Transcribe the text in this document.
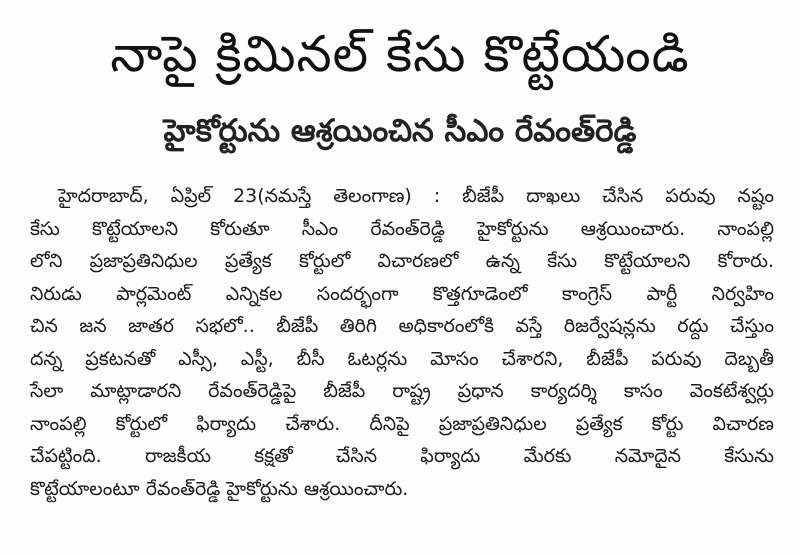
నాపై క్రిమినల్‌ కేసు కొట్టేయండి
హైకోర్టును ఆశ్రయించిన సీఎం రేవంత్‌రెడ్డి
హైదరాబాద్‌, ఏప్రిల్‌ 23(నమస్తే తెలంగాణ) : బీజేపీ దాఖలు చేసిన పరువు నష్టం
కేసు కొట్టేయాలని కోరుతూ సీఎం రేవంత్‌రెడ్డి హైకోర్టును ఆశ్రయించారు. నాంపల్లి
లోని ప్రజాప్రతినిధుల ప్రత్యేక కోర్టులో విచారణలో ఉన్న కేసు కొట్టేయాలని కోరారు.
నిరుడు పార్లమెంట్‌ ఎన్నికల సందర్భంగా కొత్తగూడెంలో కాంగ్రెస్‌ పార్టీ నిర్వహిం
చిన జన జాతర సభలో.. బీజేపీ తిరిగి అధికారంలోకి వస్తే రిజర్వేషన్లను రద్దు చేస్తుం
దన్న ప్రకటనతో ఎస్సీ, ఎస్టీ, బీసీ ఓటర్లను మోసం చేశారని, బీజేపీ పరువు దెబ్బతీ
సేలా మాట్లాడారని రేవంత్‌రెడ్డిపై బీజేపీ రాష్ట్ర ప్రధాన కార్యదర్శి కాసం వెంకటేశ్వర్లు
నాంపల్లి కోర్టులో ఫిర్యాదు చేశారు. దీనిపై ప్రజాప్రతినిధుల ప్రత్యేక కోర్టు విచారణ
చేపట్టింది. రాజకీయ కక్షతో చేసిన ఫిర్యాదు మేరకు నమోదైన కేసును
కొట్టేయాలంటూ రేవంత్‌రెడ్డి హైకోర్టును ఆశ్రయించారు.
